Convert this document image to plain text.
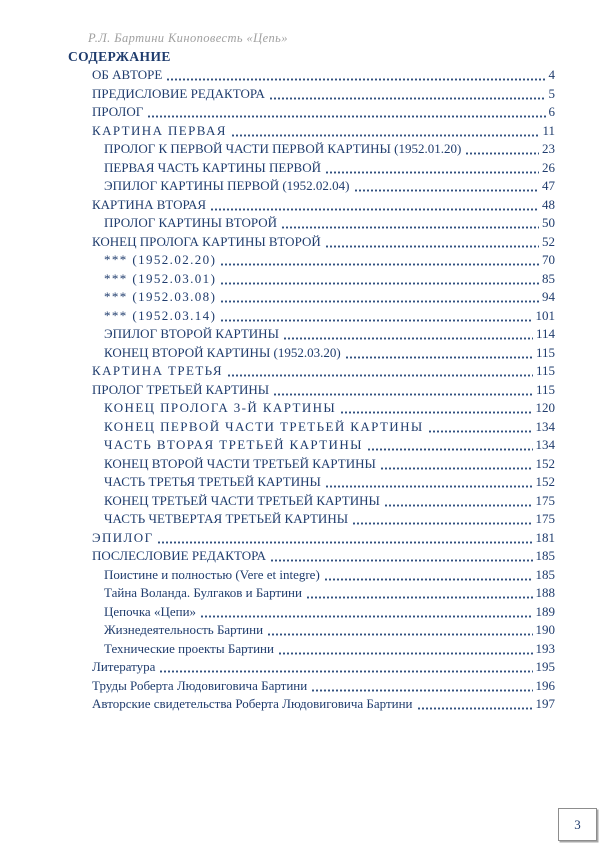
Р.Л. Бартини Киноповесть «Цепь»
СОДЕРЖАНИЕ
ОБ АВТОРЕ	4
ПРЕДИСЛОВИЕ РЕДАКТОРА	5
ПРОЛОГ	6
КАРТИНА ПЕРВАЯ	11
ПРОЛОГ К ПЕРВОЙ ЧАСТИ ПЕРВОЙ КАРТИНЫ (1952.01.20)	23
ПЕРВАЯ ЧАСТЬ КАРТИНЫ ПЕРВОЙ	26
ЭПИЛОГ КАРТИНЫ ПЕРВОЙ (1952.02.04)	47
КАРТИНА ВТОРАЯ	48
ПРОЛОГ КАРТИНЫ ВТОРОЙ	50
КОНЕЦ ПРОЛОГА КАРТИНЫ ВТОРОЙ	52
*** (1952.02.20)	70
*** (1952.03.01)	85
*** (1952.03.08)	94
*** (1952.03.14)	101
ЭПИЛОГ ВТОРОЙ КАРТИНЫ	114
КОНЕЦ ВТОРОЙ КАРТИНЫ (1952.03.20)	115
КАРТИНА ТРЕТЬЯ	115
ПРОЛОГ ТРЕТЬЕЙ КАРТИНЫ	115
КОНЕЦ ПРОЛОГА 3-Й КАРТИНЫ	120
КОНЕЦ ПЕРВОЙ ЧАСТИ ТРЕТЬЕЙ КАРТИНЫ	134
ЧАСТЬ ВТОРАЯ ТРЕТЬЕЙ КАРТИНЫ	134
КОНЕЦ ВТОРОЙ ЧАСТИ ТРЕТЬЕЙ КАРТИНЫ	152
ЧАСТЬ ТРЕТЬЯ ТРЕТЬЕЙ КАРТИНЫ	152
КОНЕЦ ТРЕТЬЕЙ ЧАСТИ ТРЕТЬЕЙ КАРТИНЫ	175
ЧАСТЬ ЧЕТВЕРТАЯ ТРЕТЬЕЙ КАРТИНЫ	175
ЭПИЛОГ	181
ПОСЛЕСЛОВИЕ РЕДАКТОРА	185
Поистине и полностью (Vere et integre)	185
Тайна Воланда. Булгаков и Бартини	188
Цепочка «Цепи»	189
Жизнедеятельность Бартини	190
Технические проекты Бартини	193
Литература	195
Труды Роберта Людовиговича Бартини	196
Авторские свидетельства Роберта Людовиговича Бартини	197
3
